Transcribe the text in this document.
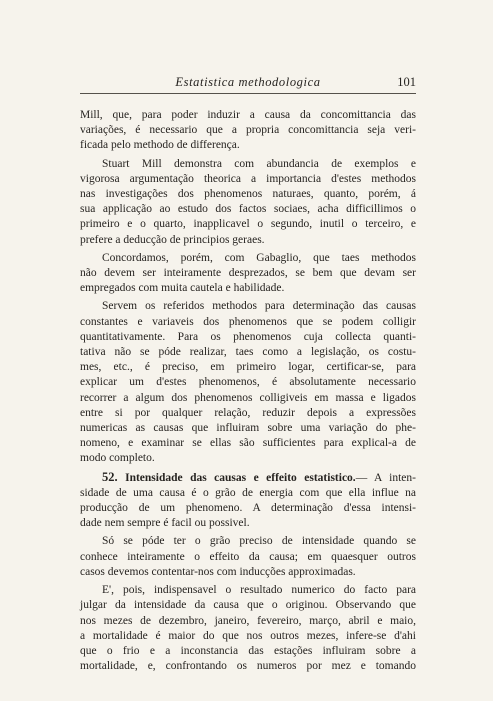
Estatistica methodologica	101

Mill, que, para poder induzir a causa da concomittancia das
variações, é necessario que a propria concomittancia seja veri-
ficada pelo methodo de differença.

Stuart Mill demonstra com abundancia de exemplos e
vigorosa argumentação theorica a importancia d'estes methodos
nas investigações dos phenomenos naturaes, quanto, porém, á
sua applicação ao estudo dos factos sociaes, acha difficillimos o
primeiro e o quarto, inapplicavel o segundo, inutil o terceiro, e
prefere a deducção de principios geraes.

Concordamos, porém, com Gabaglio, que taes methodos
não devem ser inteiramente desprezados, se bem que devam ser
empregados com muita cautela e habilidade.

Servem os referidos methodos para determinação das causas
constantes e variaveis dos phenomenos que se podem colligir
quantitativamente. Para os phenomenos cuja collecta quanti-
tativa não se póde realizar, taes como a legislação, os costu-
mes, etc., é preciso, em primeiro logar, certificar-se, para
explicar um d'estes phenomenos, é absolutamente necessario
recorrer a algum dos phenomenos colligiveis em massa e ligados
entre si por qualquer relação, reduzir depois a expressões
numericas as causas que influiram sobre uma variação do phe-
nomeno, e examinar se ellas são sufficientes para explical-a de
modo completo.

52. Intensidade das causas e effeito estatistico.— A inten-
sidade de uma causa é o grão de energia com que ella influe na
producção de um phenomeno. A determinação d'essa intensi-
dade nem sempre é facil ou possivel.

Só se póde ter o grão preciso de intensidade quando se
conhece inteiramente o effeito da causa; em quaesquer outros
casos devemos contentar-nos com inducções approximadas.

E', pois, indispensavel o resultado numerico do facto para
julgar da intensidade da causa que o originou. Observando que
nos mezes de dezembro, janeiro, fevereiro, março, abril e maio,
a mortalidade é maior do que nos outros mezes, infere-se d'ahi
que o frio e a inconstancia das estações influiram sobre a
mortalidade, e, confrontando os numeros por mez e tomando
